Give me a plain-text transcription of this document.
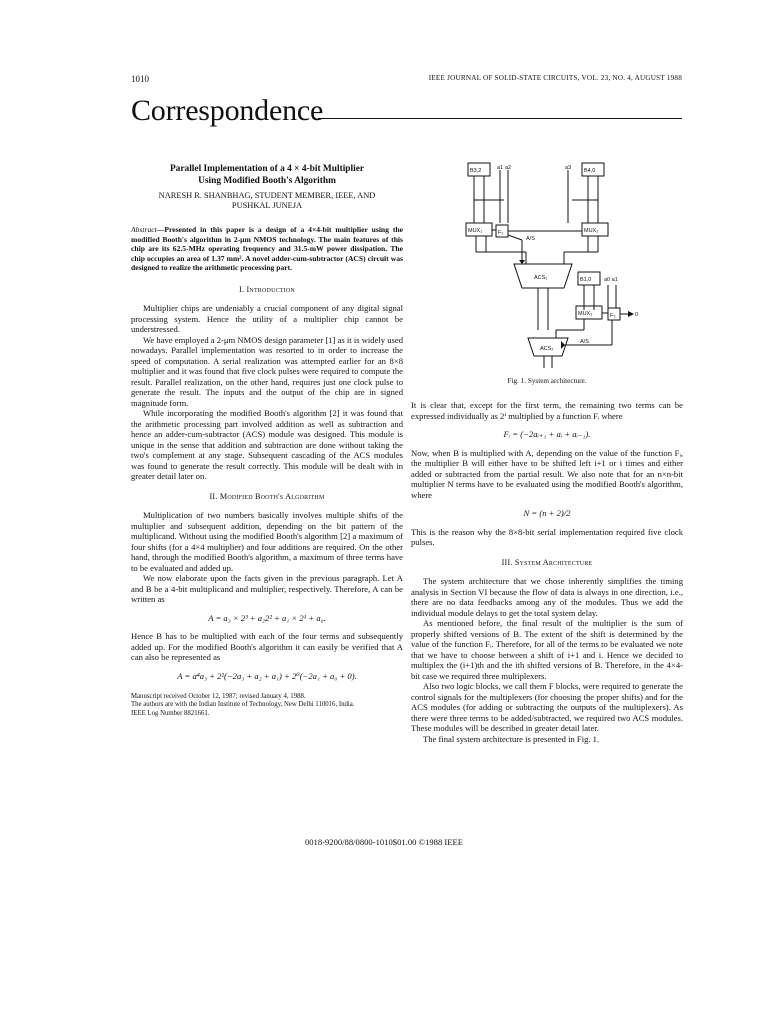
1010	IEEE JOURNAL OF SOLID-STATE CIRCUITS, VOL. 23, NO. 4, AUGUST 1988
Correspondence
Parallel Implementation of a 4 × 4-bit Multiplier
Using Modified Booth's Algorithm
NARESH R. SHANBHAG, STUDENT MEMBER, IEEE, AND
PUSHKAL JUNEJA
Abstract—Presented in this paper is a design of a 4×4-bit multiplier using the modified Booth's algorithm in 2-μm NMOS technology. The main features of this chip are its 62.5-MHz operating frequency and 31.5-mW power dissipation. The chip occupies an area of 1.37 mm². A novel adder-cum-subtractor (ACS) circuit was designed to realize the arithmetic processing part.
I. Introduction

Multiplier chips are undeniably a crucial component of any digital signal processing system. Hence the utility of a multiplier chip cannot be understressed.

We have employed a 2-μm NMOS design parameter [1] as it is widely used nowadays. Parallel implementation was resorted to in order to increase the speed of computation. A serial realization was attempted earlier for an 8×8 multiplier and it was found that five clock pulses were required to compute the result. Parallel realization, on the other hand, requires just one clock pulse to generate the result. The inputs and the output of the chip are in signed magnitude form.

While incorporating the modified Booth's algorithm [2] it was found that the arithmetic processing part involved addition as well as subtraction and hence an adder-cum-subtractor (ACS) module was designed. This module is unique in the sense that addition and subtraction are done without taking the two's complement at any stage. Subsequent cascading of the ACS modules was found to generate the result correctly. This module will be dealt with in greater detail later on.

II. Modified Booth's Algorithm

Multiplication of two numbers basically involves multiple shifts of the multiplier and subsequent addition, depending on the bit pattern of the multiplicand. Without using the modified Booth's algorithm [2] a maximum of four shifts (for a 4×4 multiplier) and four additions are required. On the other hand, through the modified Booth's algorithm, a maximum of three terms have to be evaluated and added up.

We now elaborate upon the facts given in the previous paragraph. Let A and B be a 4-bit multiplicand and multiplier, respectively. Therefore, A can be written as

A = a₃ × 2³ + a₂2² + a₁ × 2¹ + a₀.

Hence B has to be multiplied with each of the four terms and subsequently added up. For the modified Booth's algorithm it can easily be verified that A can also be represented as

A = a⁴a₃ + 2²(−2a₃ + a₂ + a₁) + 2⁰(−2a₁ + a₀ + 0).
Manuscript received October 12, 1987; revised January 4, 1988.
The authors are with the Indian Institute of Technology, New Delhi 110016, India.
IEEE Log Number 8821661.
B3,2	a1 a2	a3 B4,0
MUX₁	F₁	MUX₂
A/S
ACS₁	B1,0 a0 a1
MUX₃	F₂	0
ACS₂
A/S
Fig. 1. System architecture.

It is clear that, except for the first term, the remaining two terms can be expressed individually as 2ⁱ multiplied by a function Fᵢ where

Fᵢ = (−2aᵢ₊₁ + aᵢ + aᵢ₋₁).

Now, when B is multiplied with A, depending on the value of the function Fᵢ, the multiplier B will either have to be shifted left i+1 or i times and either added or subtracted from the partial result. We also note that for an n×n-bit multiplier N terms have to be evaluated using the modified Booth's algorithm, where

N = (n + 2)/2

This is the reason why the 8×8-bit serial implementation required five clock pulses.

III. System Architecture

The system architecture that we chose inherently simplifies the timing analysis in Section VI because the flow of data is always in one direction, i.e., there are no data feedbacks among any of the modules. Thus we add the individual module delays to get the total system delay.

As mentioned before, the final result of the multiplier is the sum of properly shifted versions of B. The extent of the shift is determined by the value of the function Fᵢ. Therefore, for all of the terms to be evaluated we note that we have to choose between a shift of i+1 and i. Hence we decided to multiplex the (i+1)th and the ith shifted versions of B. Therefore, in the 4×4-bit case we required three multiplexers.

Also two logic blocks, we call them F blocks, were required to generate the control signals for the multiplexers (for choosing the proper shifts) and for the ACS modules (for adding or subtracting the outputs of the multiplexers). As there were three terms to be added/subtracted, we required two ACS modules. These modules will be described in greater detail later.

The final system architecture is presented in Fig. 1.

0018-9200/88/0800-1010$01.00 ©1988 IEEE
